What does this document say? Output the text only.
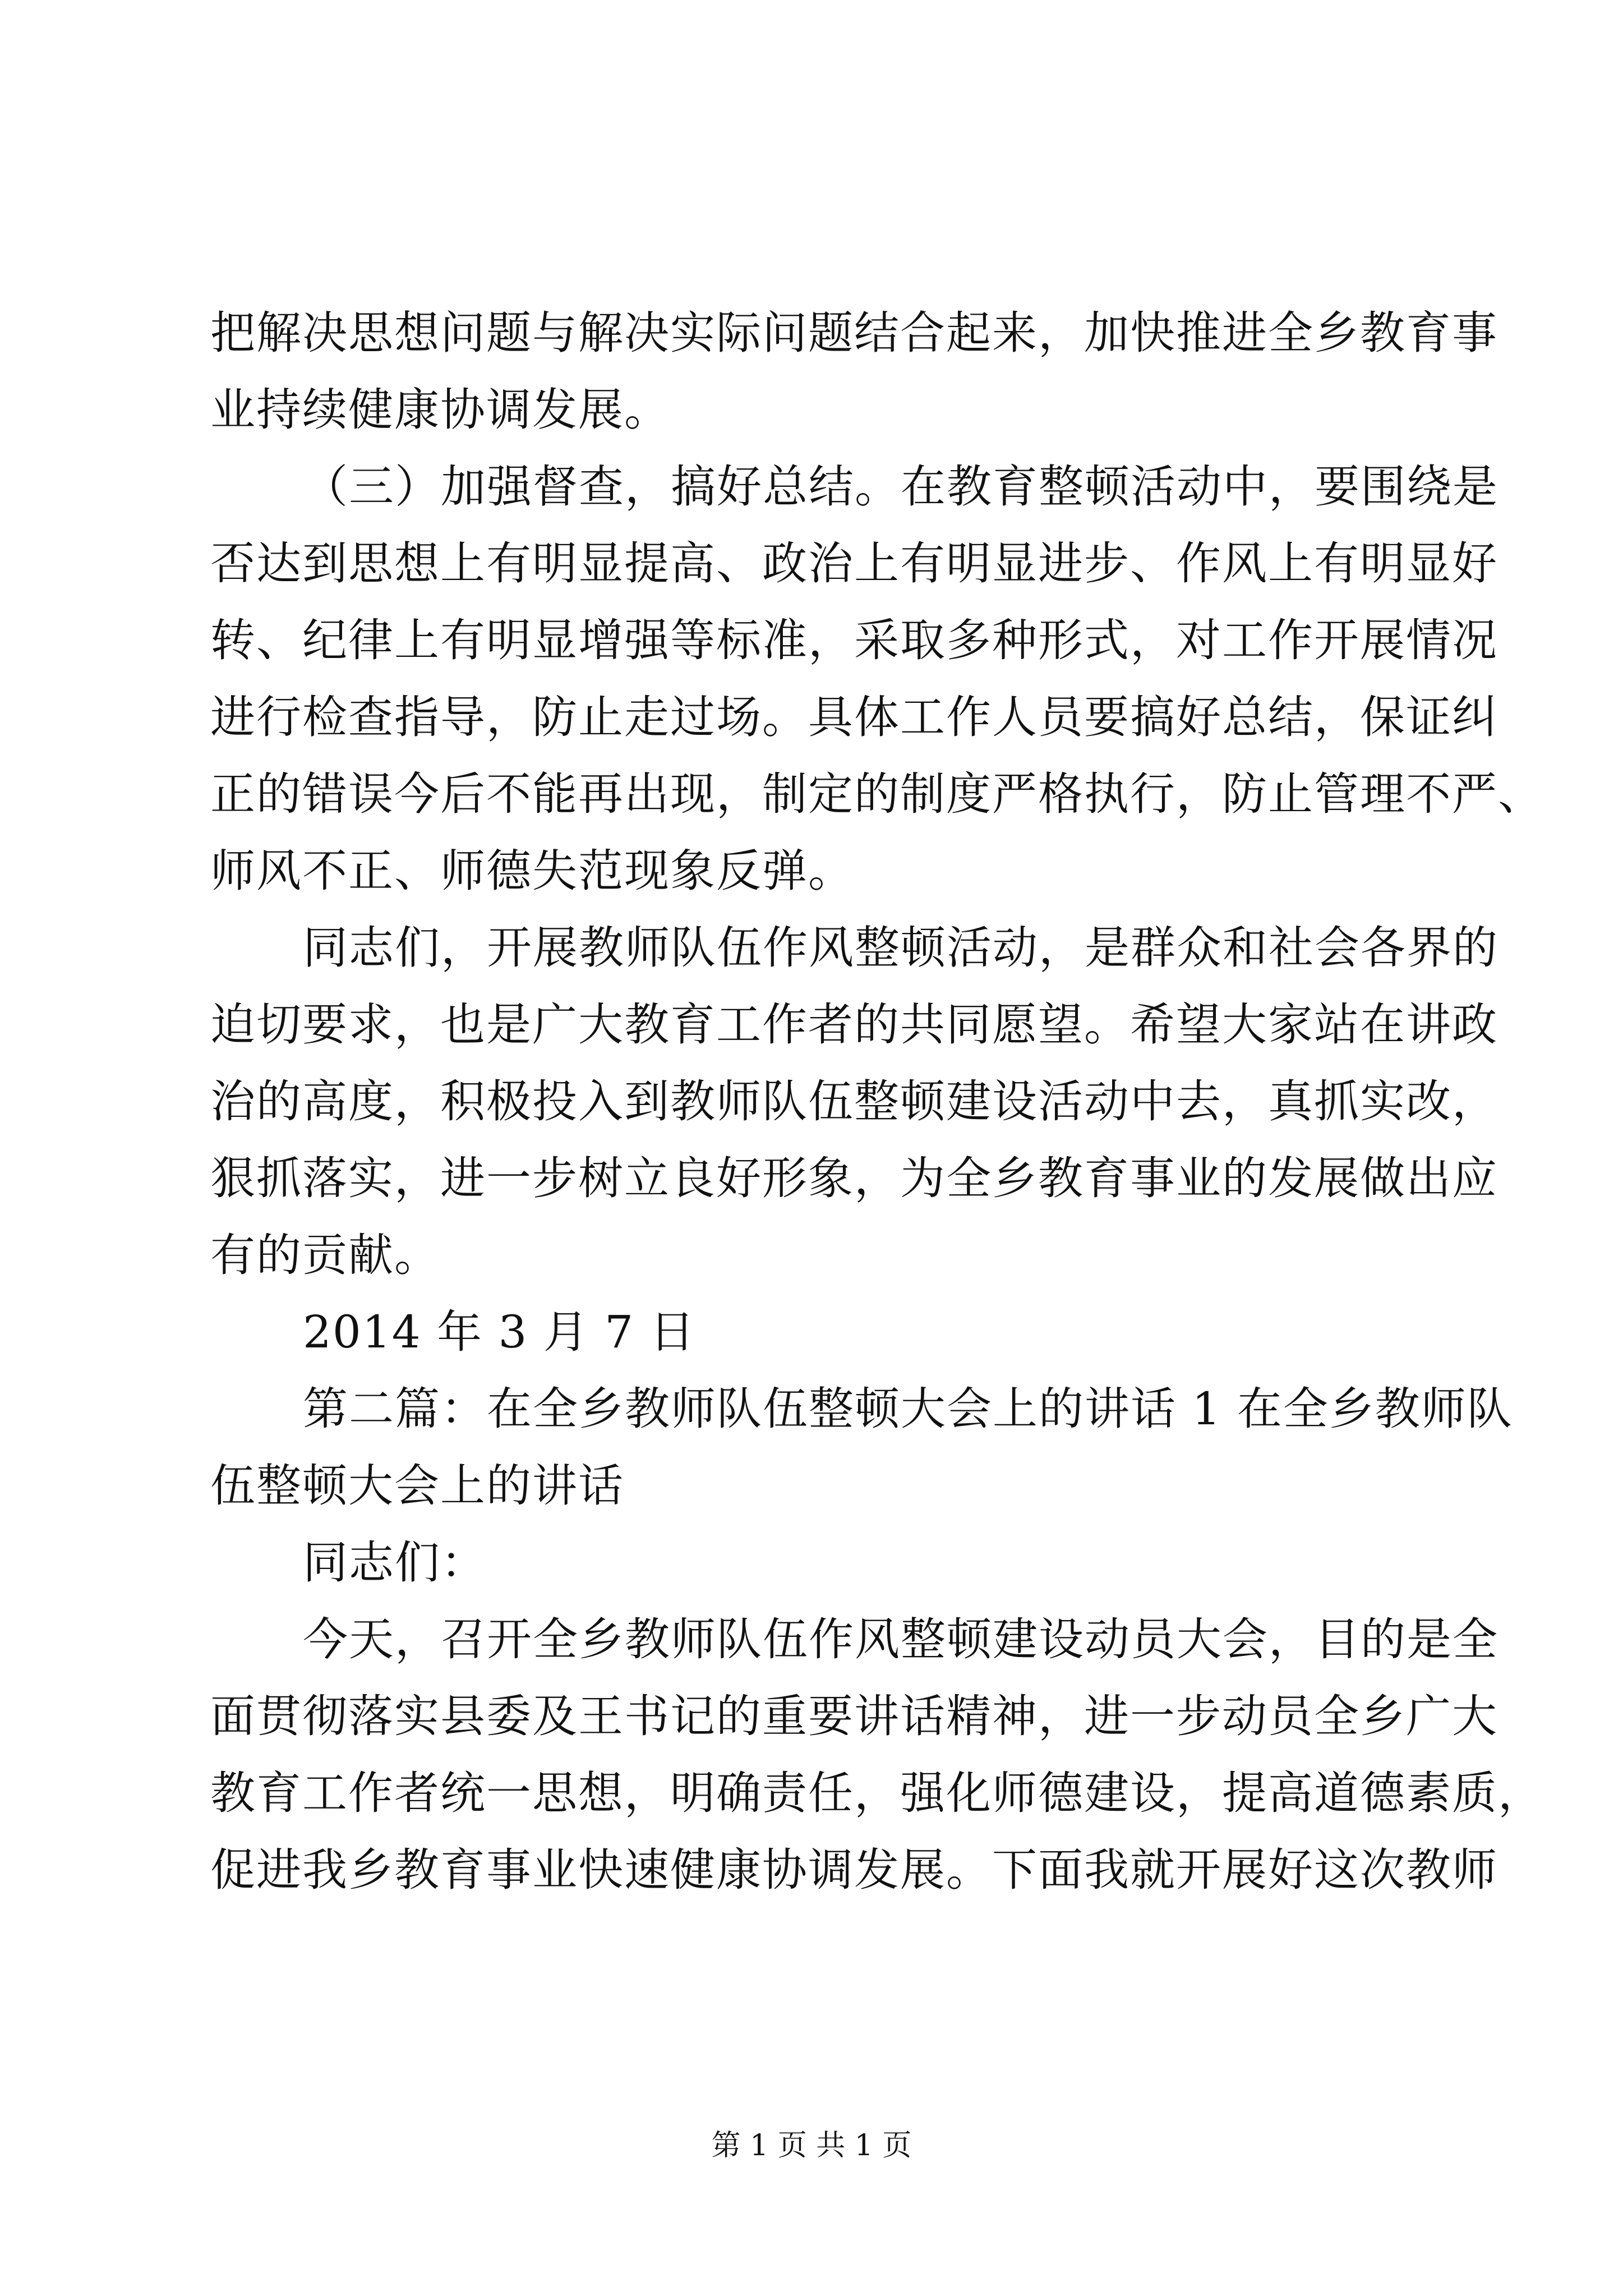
把解决思想问题与解决实际问题结合起来，加快推进全乡教育事
业持续健康协调发展。
（三）加强督查，搞好总结。在教育整顿活动中，要围绕是
否达到思想上有明显提高、政治上有明显进步、作风上有明显好
转、纪律上有明显增强等标准，采取多种形式，对工作开展情况
进行检查指导，防止走过场。具体工作人员要搞好总结，保证纠
正的错误今后不能再出现，制定的制度严格执行，防止管理不严、
师风不正、师德失范现象反弹。
同志们，开展教师队伍作风整顿活动，是群众和社会各界的
迫切要求，也是广大教育工作者的共同愿望。希望大家站在讲政
治的高度，积极投入到教师队伍整顿建设活动中去，真抓实改，
狠抓落实，进一步树立良好形象，为全乡教育事业的发展做出应
有的贡献。
2014 年 3 月 7 日
第二篇：在全乡教师队伍整顿大会上的讲话 1 在全乡教师队
伍整顿大会上的讲话
同志们：
今天，召开全乡教师队伍作风整顿建设动员大会，目的是全
面贯彻落实县委及王书记的重要讲话精神，进一步动员全乡广大
教育工作者统一思想，明确责任，强化师德建设，提高道德素质，
促进我乡教育事业快速健康协调发展。下面我就开展好这次教师
第 1 页 共 1 页
